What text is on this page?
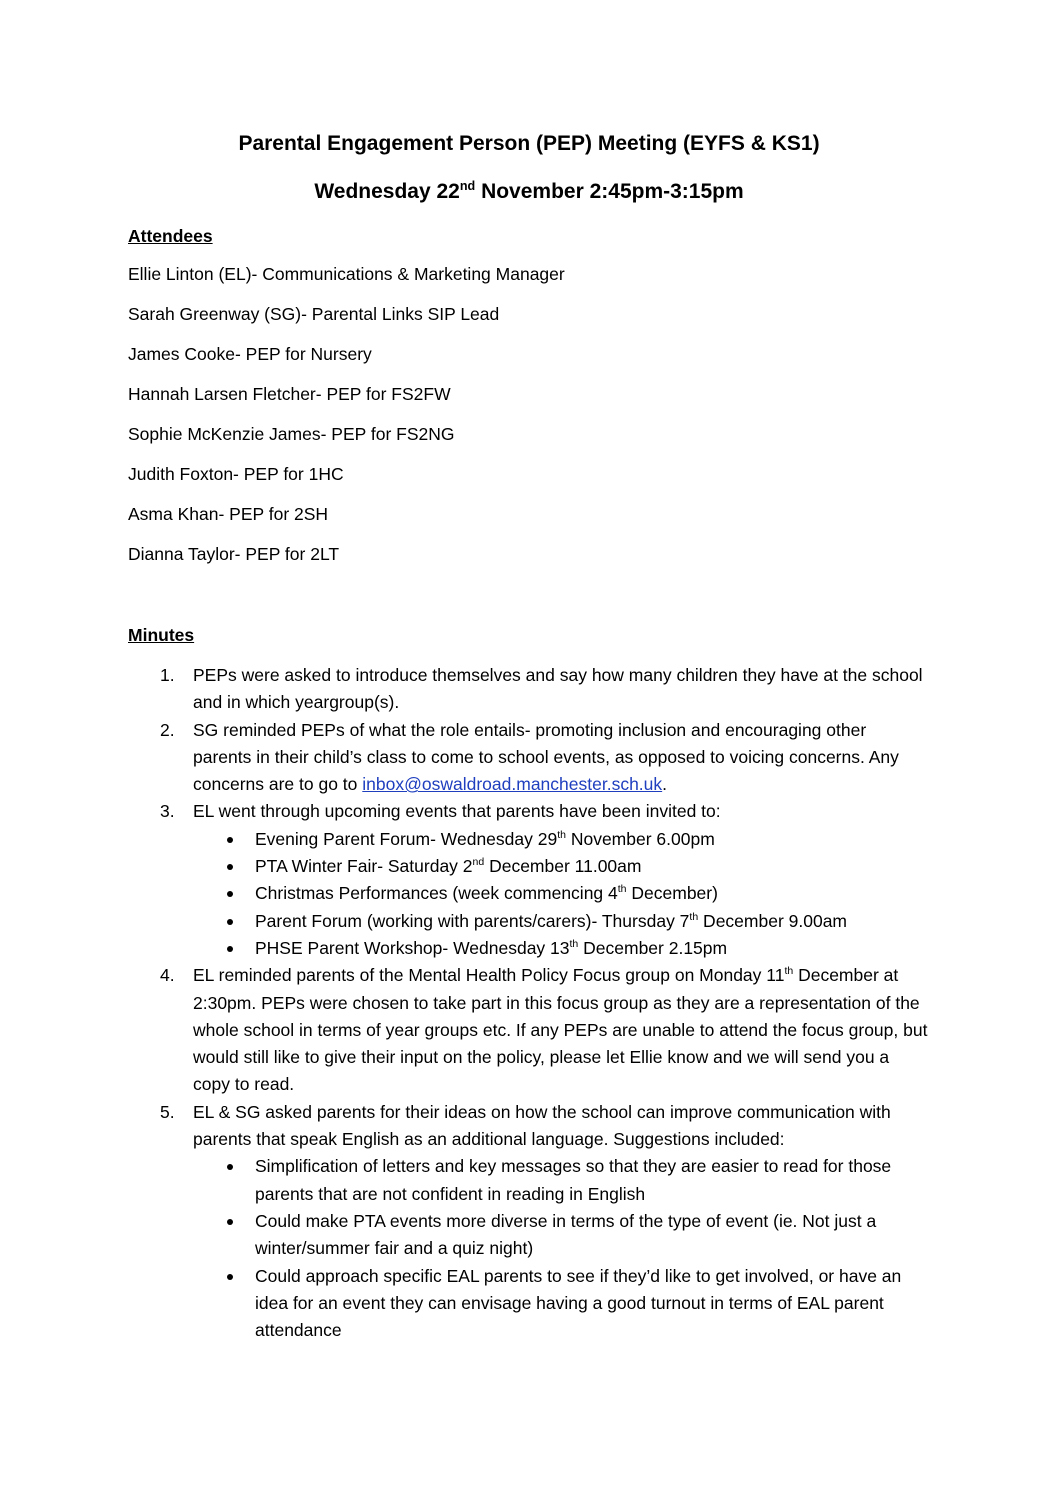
Parental Engagement Person (PEP) Meeting (EYFS & KS1)
Wednesday 22nd November 2:45pm-3:15pm
Attendees
Ellie Linton (EL)- Communications & Marketing Manager
Sarah Greenway (SG)- Parental Links SIP Lead
James Cooke- PEP for Nursery
Hannah Larsen Fletcher- PEP for FS2FW
Sophie McKenzie James- PEP for FS2NG
Judith Foxton- PEP for 1HC
Asma Khan- PEP for 2SH
Dianna Taylor- PEP for 2LT
Minutes
1. PEPs were asked to introduce themselves and say how many children they have at the school and in which yeargroup(s).
2. SG reminded PEPs of what the role entails- promoting inclusion and encouraging other parents in their child’s class to come to school events, as opposed to voicing concerns. Any concerns are to go to inbox@oswaldroad.manchester.sch.uk.
3. EL went through upcoming events that parents have been invited to:
Evening Parent Forum- Wednesday 29th November 6.00pm
PTA Winter Fair- Saturday 2nd December 11.00am
Christmas Performances (week commencing 4th December)
Parent Forum (working with parents/carers)- Thursday 7th December 9.00am
PHSE Parent Workshop- Wednesday 13th December 2.15pm
4. EL reminded parents of the Mental Health Policy Focus group on Monday 11th December at 2:30pm. PEPs were chosen to take part in this focus group as they are a representation of the whole school in terms of year groups etc. If any PEPs are unable to attend the focus group, but would still like to give their input on the policy, please let Ellie know and we will send you a copy to read.
5. EL & SG asked parents for their ideas on how the school can improve communication with parents that speak English as an additional language. Suggestions included:
Simplification of letters and key messages so that they are easier to read for those parents that are not confident in reading in English
Could make PTA events more diverse in terms of the type of event (ie. Not just a winter/summer fair and a quiz night)
Could approach specific EAL parents to see if they’d like to get involved, or have an idea for an event they can envisage having a good turnout in terms of EAL parent attendance
